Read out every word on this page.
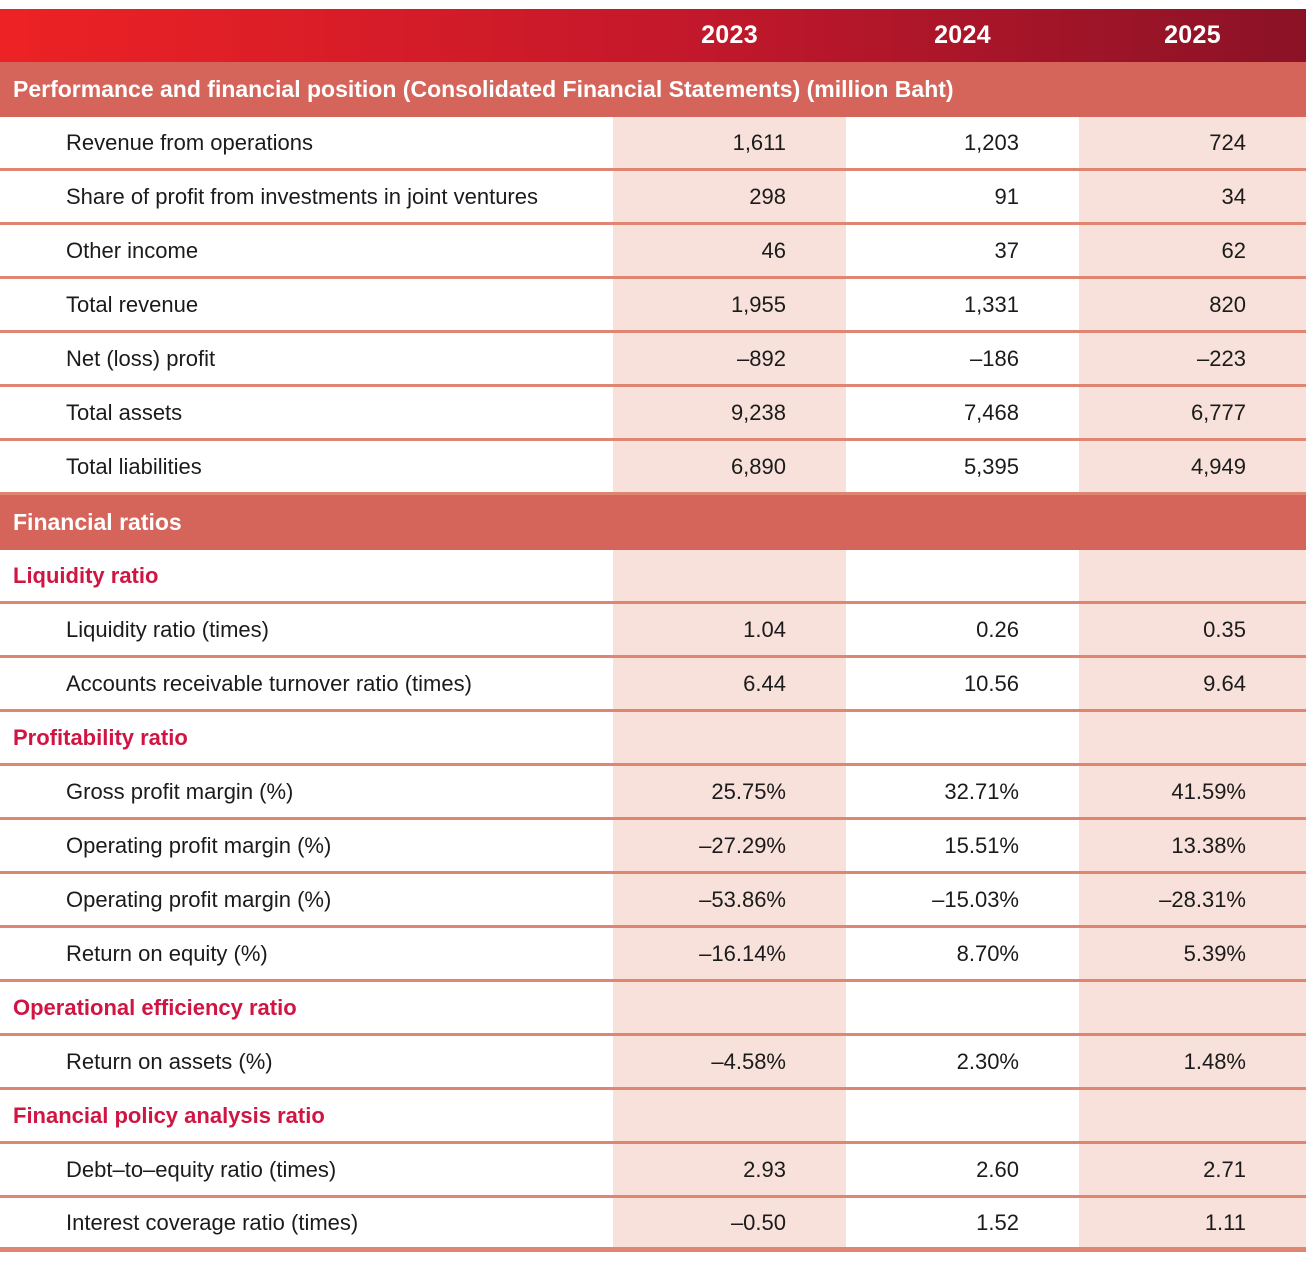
2023	2024	2025
Performance and financial position (Consolidated Financial Statements) (million Baht)
Revenue from operations	1,611	1,203	724
Share of profit from investments in joint ventures	298	91	34
Other income	46	37	62
Total revenue	1,955	1,331	820
Net (loss) profit	–892	–186	–223
Total assets	9,238	7,468	6,777
Total liabilities	6,890	5,395	4,949
Financial ratios
Liquidity ratio
Liquidity ratio (times)	1.04	0.26	0.35
Accounts receivable turnover ratio (times)	6.44	10.56	9.64
Profitability ratio
Gross profit margin (%)	25.75%	32.71%	41.59%
Operating profit margin (%)	–27.29%	15.51%	13.38%
Operating profit margin (%)	–53.86%	–15.03%	–28.31%
Return on equity (%)	–16.14%	8.70%	5.39%
Operational efficiency ratio
Return on assets (%)	–4.58%	2.30%	1.48%
Financial policy analysis ratio
Debt–to–equity ratio (times)	2.93	2.60	2.71
Interest coverage ratio (times)	–0.50	1.52	1.11
